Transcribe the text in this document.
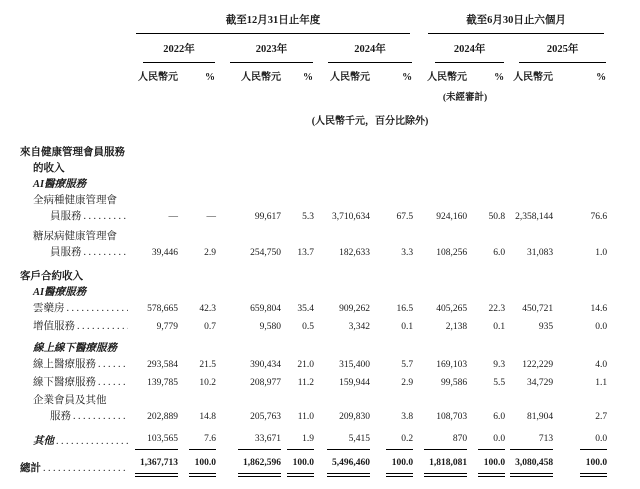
	截至12月31日止年度							截至6月30日止六個月			

	2022年		2023年		2024年			2024年		2025年	

	人民幣元	%	人民幣元	%	人民幣元	%		人民幣元	%	人民幣元	%
								(未經審計)			
	(人民幣千元，百分比除外)										

來自健康管理會員服務
的收入											

AI醫療服務											

全病種健康管理會
員服務
.....	—	—	99,617	5.3	3,710,634	67.5		924,160	50.8	2,358,144	76.6

糖尿病健康管理會
員服務
.....	39,446	2.9	254,750	13.7	182,633	3.3		108,256	6.0	31,083	1.0

客戶合約收入											

AI醫療服務											

雲藥房
.....	578,665	42.3	659,804	35.4	909,262	16.5		405,265	22.3	450,721	14.6

增值服務
.....	9,779	0.7	9,580	0.5	3,342	0.1		2,138	0.1	935	0.0

線上線下醫療服務											

線上醫療服務
.....	293,584	21.5	390,434	21.0	315,400	5.7		169,103	9.3	122,229	4.0

線下醫療服務
.....	139,785	10.2	208,977	11.2	159,944	2.9		99,586	5.5	34,729	1.1

企業會員及其他
服務
.....	202,889	14.8	205,763	11.0	209,830	3.8		108,703	6.0	81,904	2.7

其他
.....	103,565	7.6	33,671	1.9	5,415	0.2		870	0.0	713	0.0

總計
.....	1,367,713	100.0	1,862,596	100.0	5,496,460	100.0		1,818,081	100.0	3,080,458	100.0
